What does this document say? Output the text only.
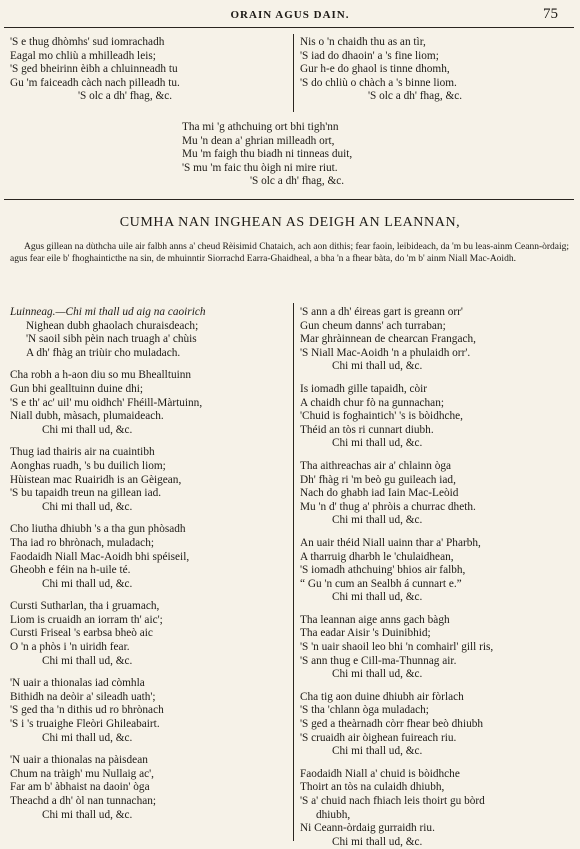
ORAIN AGUS DAIN.	75
'S e thug dhòmhs' sud iomrachadh
Eagal mo chliù a mhilleadh leis;
'S ged bheirinn èibh a chluinneadh tu
Gu 'm faiceadh càch nach pilleadh tu.
'S olc a dh' fhag, &c.
Nis o 'n chaidh thu as an tìr,
'S iad do dhaoin' a 's fine liom;
Gur h-e do ghaol is tinne dhomh,
'S do chliù o chàch a 's binne liom.
'S olc a dh' fhag, &c.
Tha mi 'g athchuing ort bhi tigh'nn
Mu 'n dean a' ghrian milleadh ort,
Mu 'm faigh thu biadh ni tinneas duit,
'S mu 'm faic thu òigh ni mire riut.
'S olc a dh' fhag, &c.
CUMHA NAN INGHEAN AS DEIGH AN LEANNAN,
Agus gillean na dùthcha uile air falbh anns a' cheud Rèisimid Chataich, ach aon dithis; fear faoin, leibideach, da 'm bu leas-ainm Ceann-òrdaig; agus fear eile b' fhoghainticthe na sin, de mhuinntir Siorrachd Earra-Ghaidheal, a bha 'n a fhear bàta, do 'm b' ainm Niall Mac-Aoidh.
Luinneag.—Chi mi thall ud aig na caoirich
Nighean dubh ghaolach churaisdeach;
'N saoil sibh pèin nach truagh a' chùis
A dh' fhàg an triùir cho muladach.
Cha robh a h-aon diu so mu Bhealltuinn
Gun bhi gealltuinn duine dhi;
'S e th' ac' uil' mu oidhch' Fhéill-Màrtuinn,
Niall dubh, màsach, plumaideach.
Chi mi thall ud, &c.
Thug iad thairis air na cuaintibh
Aonghas ruadh, 's bu duilich liom;
Hùistean mac Ruairidh is an Gèigean,
'S bu tapaidh treun na gillean iad.
Chi mi thall ud, &c.
Cho liutha dhiubh 's a tha gun phòsadh
Tha iad ro bhrònach, muladach;
Faodaidh Niall Mac-Aoidh bhi spéiseil,
Gheobh e féin na h-uile té.
Chi mi thall ud, &c.
Cursti Sutharlan, tha i gruamach,
Liom is cruaidh an iorram th' aic';
Cursti Friseal 's earbsa bheò aic
O 'n a phòs i 'n uiridh fear.
Chi mi thall ud, &c.
'N uair a thionalas iad còmhla
Bithidh na deòir a' sileadh uath';
'S ged tha 'n dithis ud ro bhrònach
'S i 's truaighe Fleòri Ghileabairt.
Chi mi thall ud, &c.
'N uair a thionalas na pàisdean
Chum na tràigh' mu Nullaig ac',
Far am b' àbhaist na daoin' òga
Theachd a dh' òl nan tunnachan;
Chi mi thall ud, &c.
'S ann a dh' éireas gart is greann orr'
Gun cheum danns' ach turraban;
Mar ghràinnean de chearcan Frangach,
'S Niall Mac-Aoidh 'n a phulaidh orr'.
Chi mi thall ud, &c.
Is iomadh gille tapaidh, còir
A chaidh chur fò na gunnachan;
'Chuid is foghaintich' 's is bòidhche,
Théid an tòs ri cunnart diubh.
Chi mi thall ud, &c.
Tha aithreachas air a' chlainn òga
Dh' fhàg ri 'm beò gu guileach iad,
Nach do ghabh iad Iain Mac-Leòid
Mu 'n d' thug a' phròis a churrac dheth.
Chi mi thall ud, &c.
An uair théid Niall uainn thar a' Pharbh,
A tharruig dharbh le 'chulaidhean,
'S iomadh athchuing' bhios air falbh,
“ Gu 'n cum an Sealbh á cunnart e.”
Chi mi thall ud, &c.
Tha leannan aige anns gach bàgh
Tha eadar Aisir 's Duinibhid;
'S 'n uair shaoil leo bhi 'n comhairl' gill ris,
'S ann thug e Cill-ma-Thunnag air.
Chi mi thall ud, &c.
Cha tig aon duine dhiubh air fòrlach
'S tha 'chlann òga muladach;
'S ged a theàrnadh còrr fhear beò dhiubh
'S cruaidh air òighean fuireach riu.
Chi mi thall ud, &c.
Faodaidh Niall a' chuid is bòidhche
Thoirt an tòs na culaidh dhiubh,
'S a' chuid nach fhiach leis thoirt gu bòrd
dhiubh,
Ni Ceann-òrdaig gurraidh riu.
Chi mi thall ud, &c.
